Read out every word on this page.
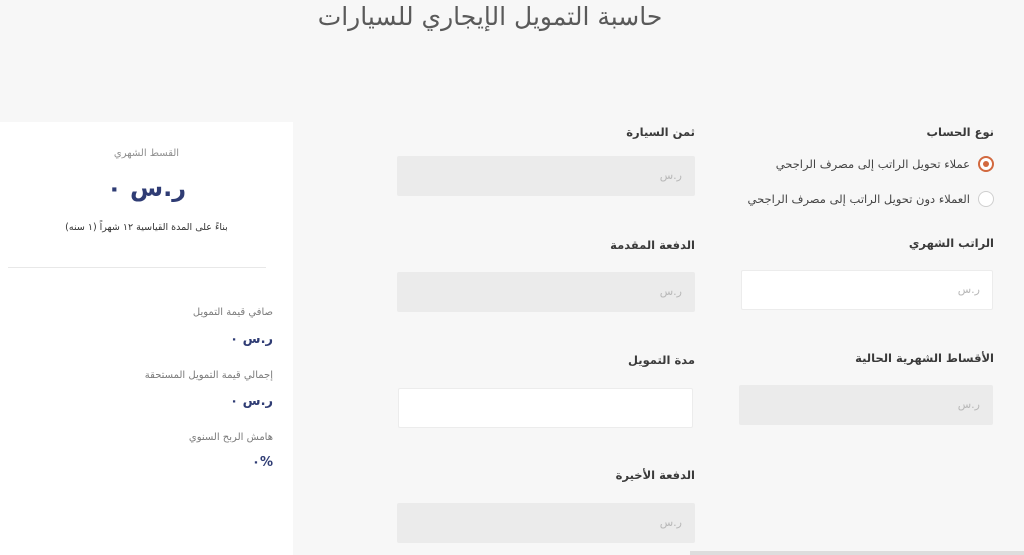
حاسبة التمويل الإيجاري للسيارات
نوع الحساب
عملاء تحويل الراتب إلى مصرف الراجحي
العملاء دون تحويل الراتب إلى مصرف الراجحي
الراتب الشهري
ر.س
الأقساط الشهرية الحالية
ر.س
ثمن السيارة
ر.س
الدفعة المقدمة
ر.س
مدة التمويل
الدفعة الأخيرة
ر.س
القسط الشهري
ر.س ٠
بناءً على المدة القياسية ١٢ شهراً (١ سنه)
صافي قيمة التمويل
ر.س ٠
إجمالي قيمة التمويل المستحقة
ر.س ٠
هامش الربح السنوي
%٠
